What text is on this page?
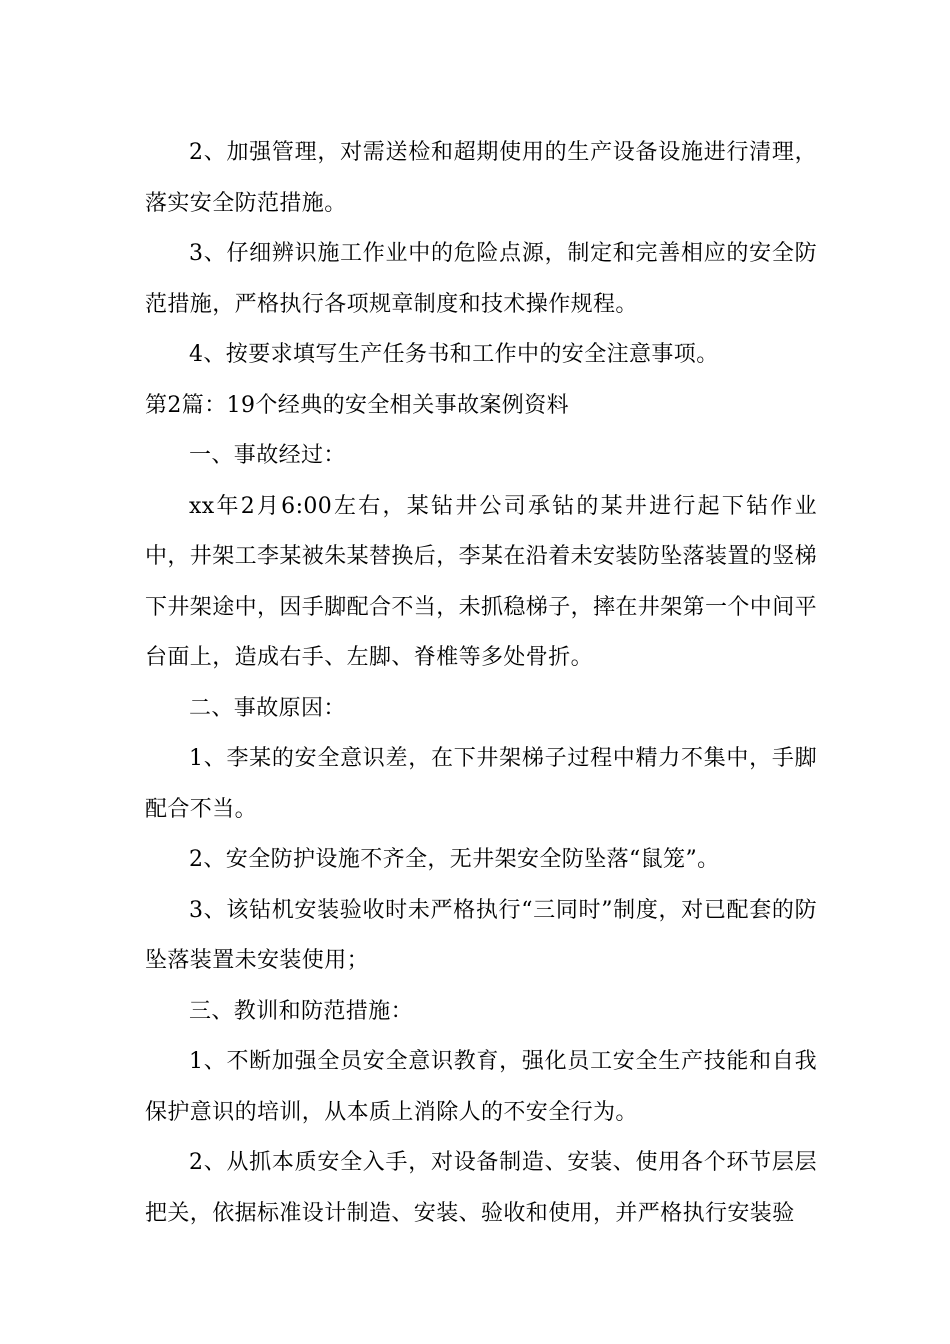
2、加强管理，对需送检和超期使用的生产设备设施进行清理，落实安全防范措施。

3、仔细辨识施工作业中的危险点源，制定和完善相应的安全防范措施，严格执行各项规章制度和技术操作规程。

4、按要求填写生产任务书和工作中的安全注意事项。

第2篇：19个经典的安全相关事故案例资料

一、事故经过：

xx年2月6:00左右，某钻井公司承钻的某井进行起下钻作业中，井架工李某被朱某替换后，李某在沿着未安装防坠落装置的竖梯下井架途中，因手脚配合不当，未抓稳梯子，摔在井架第一个中间平台面上，造成右手、左脚、脊椎等多处骨折。

二、事故原因：

1、李某的安全意识差，在下井架梯子过程中精力不集中，手脚配合不当。

2、安全防护设施不齐全，无井架安全防坠落“鼠笼”。

3、该钻机安装验收时未严格执行“三同时”制度，对已配套的防坠落装置未安装使用；

三、教训和防范措施：

1、不断加强全员安全意识教育，强化员工安全生产技能和自我保护意识的培训，从本质上消除人的不安全行为。

2、从抓本质安全入手，对设备制造、安装、使用各个环节层层把关，依据标准设计制造、安装、验收和使用，并严格执行安装验
